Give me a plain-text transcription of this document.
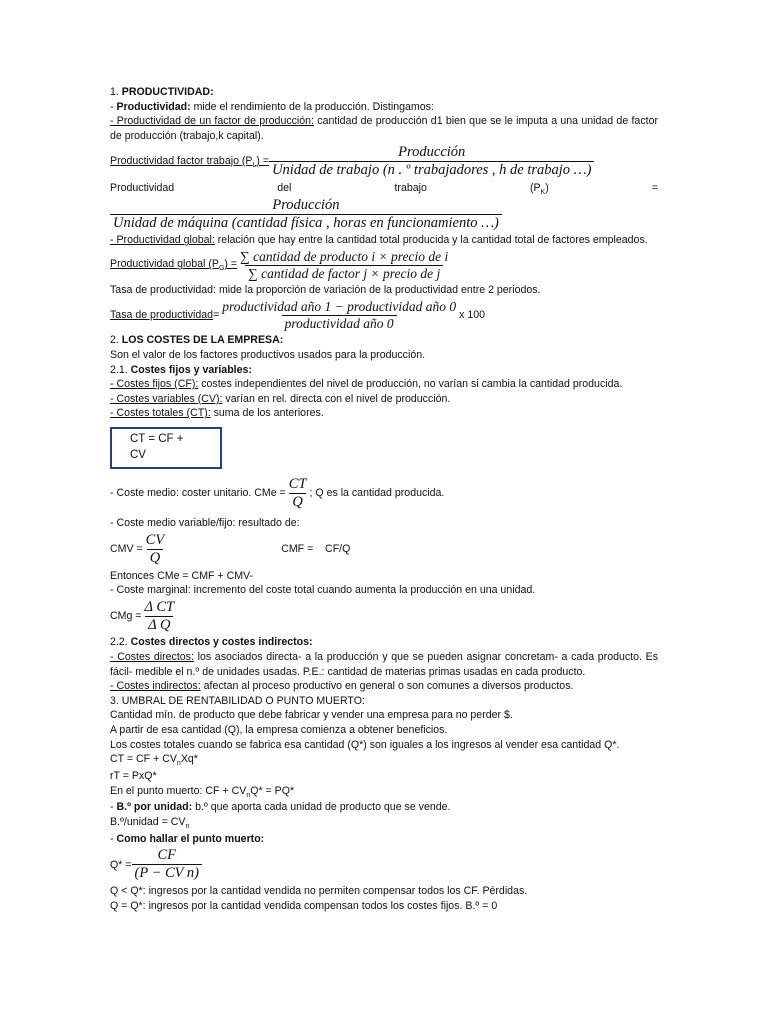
1. PRODUCTIVIDAD:

- Productividad: mide el rendimiento de la producción. Distingamos:

- Productividad de un factor de producción: cantidad de producción d1 bien que se le imputa a una unidad de factor de producción (trabajo,k capital).

Productividad factor trabajo $(P_L) = \frac{\text{Producción}}{\text{Unidad de trabajo (n . º trabajadores , h de trabajo …)}}$
Productividad	del	trabajo	$(P_K)$	=
Producción
Unidad de máquina (cantidad física , horas en funcionamiento …)

- Productividad global: relación que hay entre la cantidad total producida y la cantidad total de factores empleados.

Productividad global $(P_G) = \frac{\text{∑ cantidad de producto i × precio de i}}{\text{∑ cantidad de factor j × precio de j}}$

Tasa de productividad: mide la proporción de variación de la productividad entre 2 periodos.

Tasa de productividad = $\frac{\text{productividad año 1 − productividad año 0}}{\text{productividad año 0}}$ x 100

2. LOS COSTES DE LA EMPRESA:

Son el valor de los factores productivos usados para la producción.

2.1. Costes fijos y variables:

- Costes fijos (CF): costes independientes del nivel de producción, no varían si cambia la cantidad producida.

- Costes variables (CV): varían en rel. directa con el nivel de producción.

- Costes totales (CT): suma de los anteriores.

CT = CF + CV
- Coste medio: coster unitario. CMe = $\frac{CT}{Q}$ ; Q es la cantidad producida.

- Coste medio variable/fijo: resultado de:

CMV = $\frac{CV}{Q}$	CMF =    CF/Q

Entonces CMe = CMF + CMV-

- Coste marginal: incremento del coste total cuando aumenta la producción en una unidad.

CMg = $\frac{\text{Δ CT}}{\text{Δ Q}}$

2.2. Costes directos y costes indirectos:

- Costes directos: los asociados directa- a la producción y que se pueden asignar concretam- a cada producto. Es fácil- medible el n.º de unidades usadas. P.E.: cantidad de materias primas usadas en cada producto.

- Costes indirectos: afectan al proceso productivo en general o son comunes a diversos productos.

3. UMBRAL DE RENTABILIDAD O PUNTO MUERTO:

Cantidad mín. de producto que debe fabricar y vender una empresa para no perder $.

A partir de esa cantidad (Q), la empresa comienza a obtener beneficios.

Los costes totales cuando se fabrica esa cantidad (Q*) son iguales a los ingresos al vender esa cantidad Q*.

CT = CF + $CV_nXq*$

rT = PxQ*

En el punto muerto: CF + $CV_nQ* = PQ*$

- B.º por unidad: b.º que aporta cada unidad de producto que se vende.

B.º/unidad = $CV_n$

- Como hallar el punto muerto:

$Q* = \frac{CF}{\text{(P − CV n)}}$

Q < Q*: ingresos por la cantidad vendida no permiten compensar todos los CF. Pérdidas.

Q = Q*: ingresos por la cantidad vendida compensan todos los costes fijos. B.º = 0
